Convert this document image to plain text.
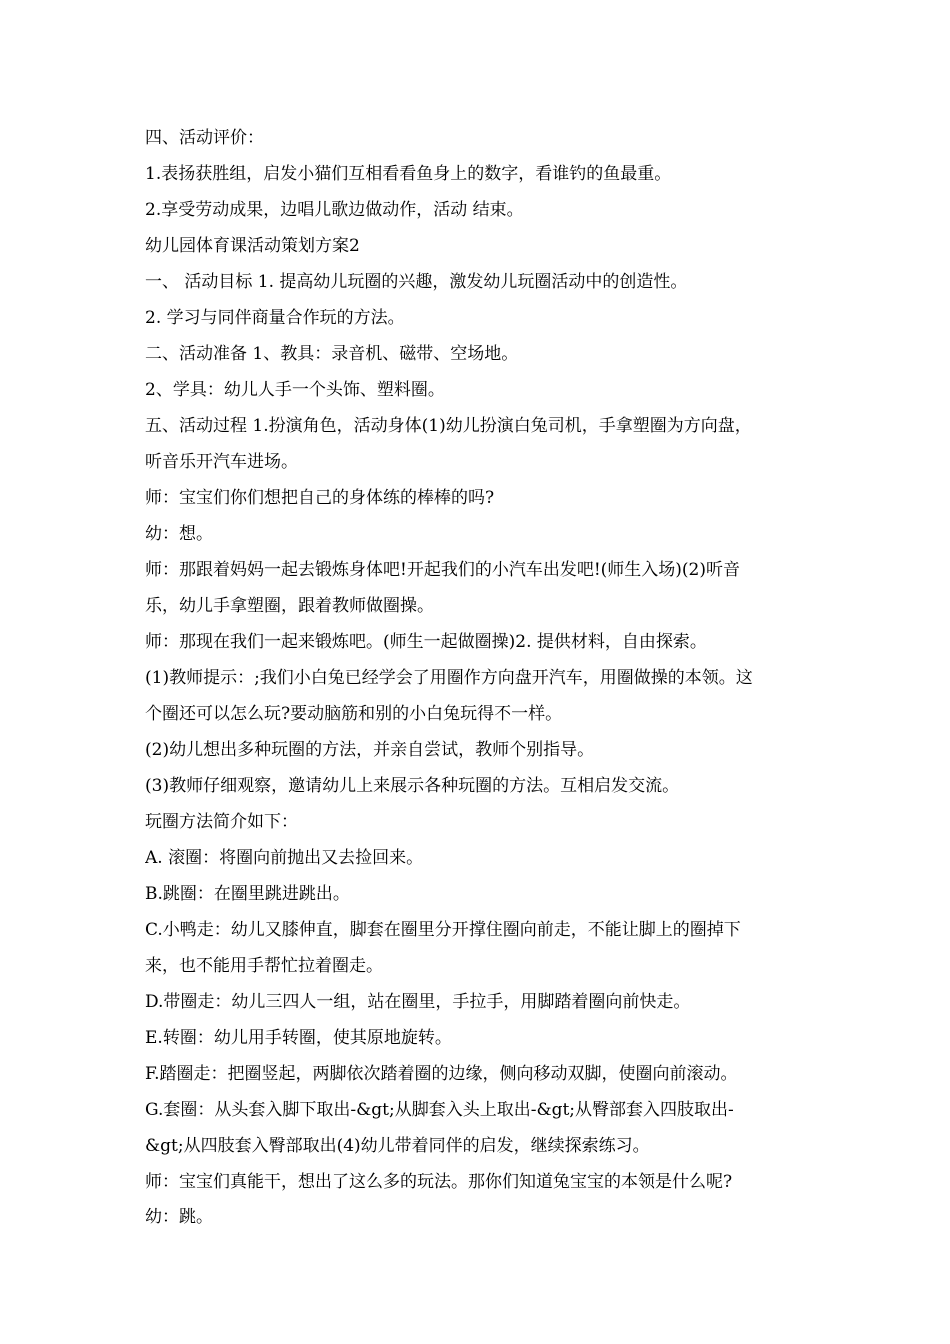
四、活动评价：
1.表扬获胜组，启发小猫们互相看看鱼身上的数字，看谁钓的鱼最重。
2.享受劳动成果，边唱儿歌边做动作，活动 结束。
幼儿园体育课活动策划方案2
一、 活动目标 1. 提高幼儿玩圈的兴趣，激发幼儿玩圈活动中的创造性。
2. 学习与同伴商量合作玩的方法。
二、活动准备 1、教具：录音机、磁带、空场地。
2、学具：幼儿人手一个头饰、塑料圈。
五、活动过程 1.扮演角色，活动身体(1)幼儿扮演白兔司机，手拿塑圈为方向盘，
听音乐开汽车进场。
师：宝宝们你们想把自己的身体练的棒棒的吗?
幼：想。
师：那跟着妈妈一起去锻炼身体吧!开起我们的小汽车出发吧!(师生入场)(2)听音
乐，幼儿手拿塑圈，跟着教师做圈操。
师：那现在我们一起来锻炼吧。(师生一起做圈操)2. 提供材料，自由探索。
(1)教师提示：;我们小白兔已经学会了用圈作方向盘开汽车，用圈做操的本领。这
个圈还可以怎么玩?要动脑筋和别的小白兔玩得不一样。
(2)幼儿想出多种玩圈的方法，并亲自尝试，教师个别指导。
(3)教师仔细观察，邀请幼儿上来展示各种玩圈的方法。互相启发交流。
玩圈方法简介如下：
A. 滚圈：将圈向前抛出又去捡回来。
B.跳圈：在圈里跳进跳出。
C.小鸭走：幼儿又膝伸直，脚套在圈里分开撑住圈向前走，不能让脚上的圈掉下
来，也不能用手帮忙拉着圈走。
D.带圈走：幼儿三四人一组，站在圈里，手拉手，用脚踏着圈向前快走。
E.转圈：幼儿用手转圈，使其原地旋转。
F.踏圈走：把圈竖起，两脚依次踏着圈的边缘，侧向移动双脚，使圈向前滚动。
G.套圈：从头套入脚下取出-&gt;从脚套入头上取出-&gt;从臀部套入四肢取出-
&gt;从四肢套入臀部取出(4)幼儿带着同伴的启发，继续探索练习。
师：宝宝们真能干，想出了这么多的玩法。那你们知道兔宝宝的本领是什么呢?
幼：跳。
